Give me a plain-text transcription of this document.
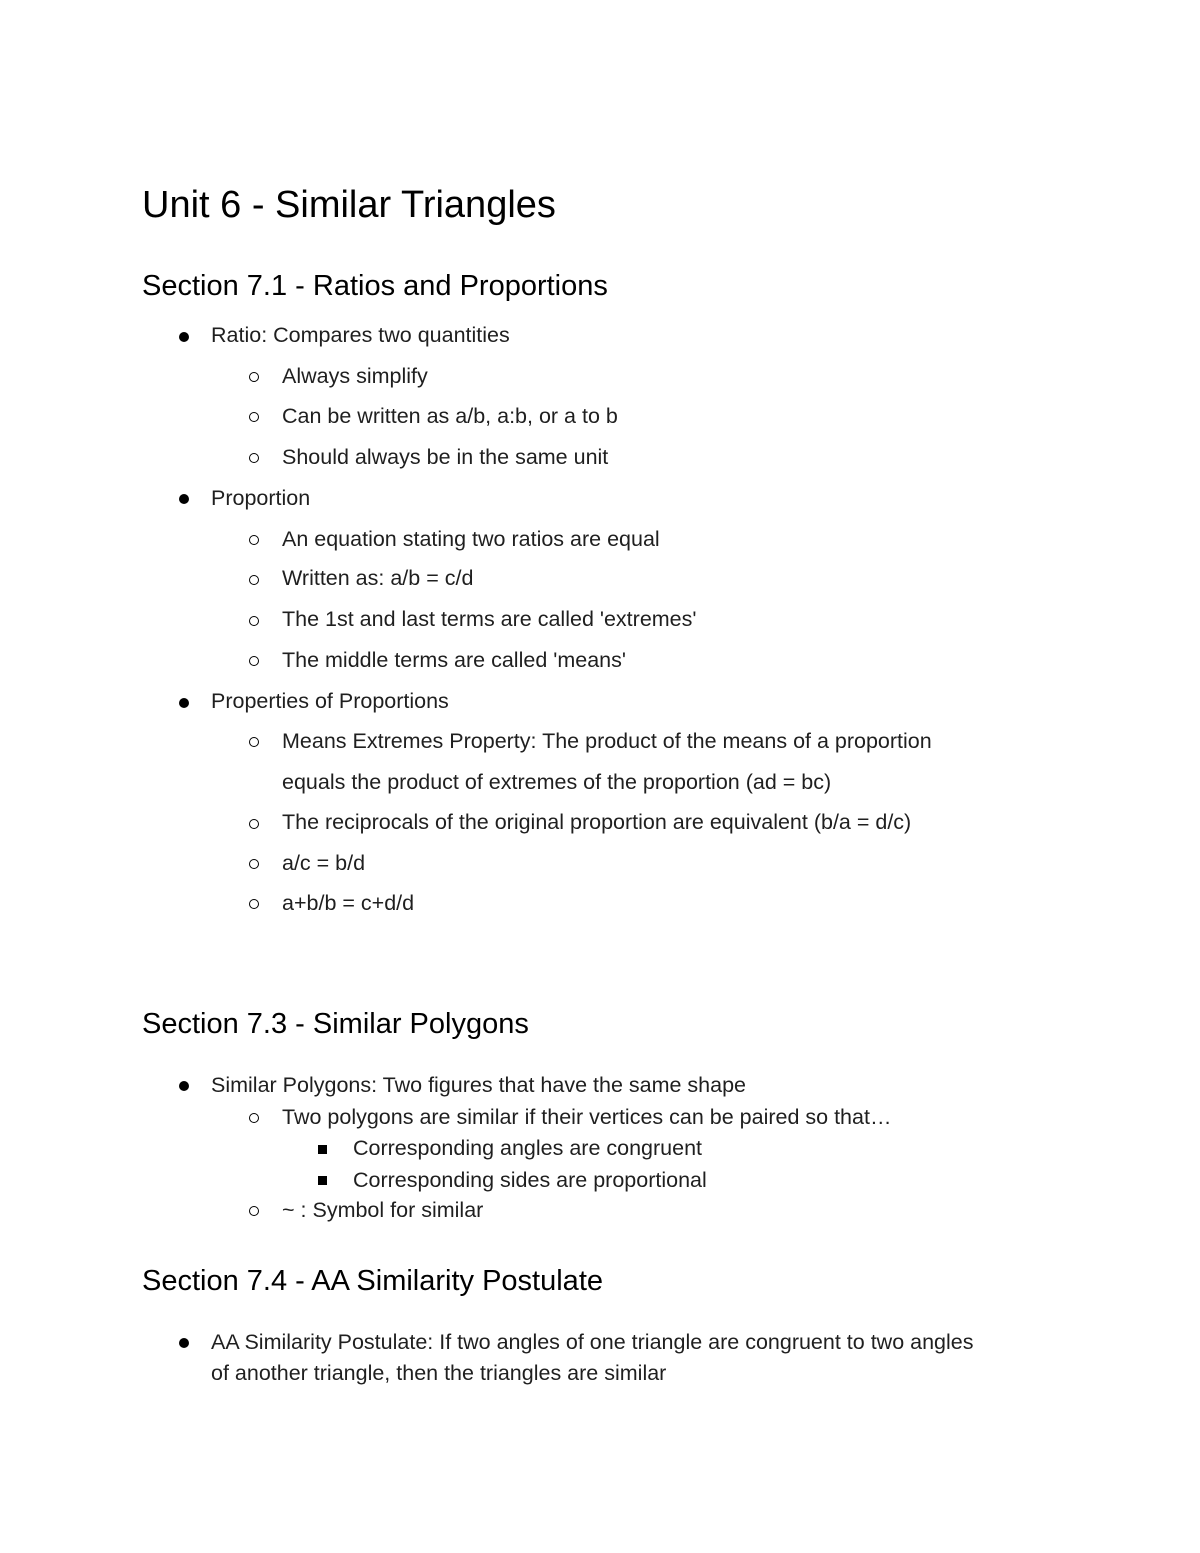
Unit 6 - Similar Triangles
Section 7.1 - Ratios and Proportions
Ratio: Compares two quantities
Always simplify
Can be written as a/b, a:b, or a to b
Should always be in the same unit
Proportion
An equation stating two ratios are equal
Written as: a/b = c/d
The 1st and last terms are called 'extremes'
The middle terms are called 'means'
Properties of Proportions
Means Extremes Property: The product of the means of a proportion
equals the product of extremes of the proportion (ad = bc)
The reciprocals of the original proportion are equivalent (b/a = d/c)
a/c = b/d
a+b/b = c+d/d
Section 7.3 - Similar Polygons
Similar Polygons: Two figures that have the same shape
Two polygons are similar if their vertices can be paired so that…
Corresponding angles are congruent
Corresponding sides are proportional
~ : Symbol for similar
Section 7.4 - AA Similarity Postulate
AA Similarity Postulate: If two angles of one triangle are congruent to two angles
of another triangle, then the triangles are similar
